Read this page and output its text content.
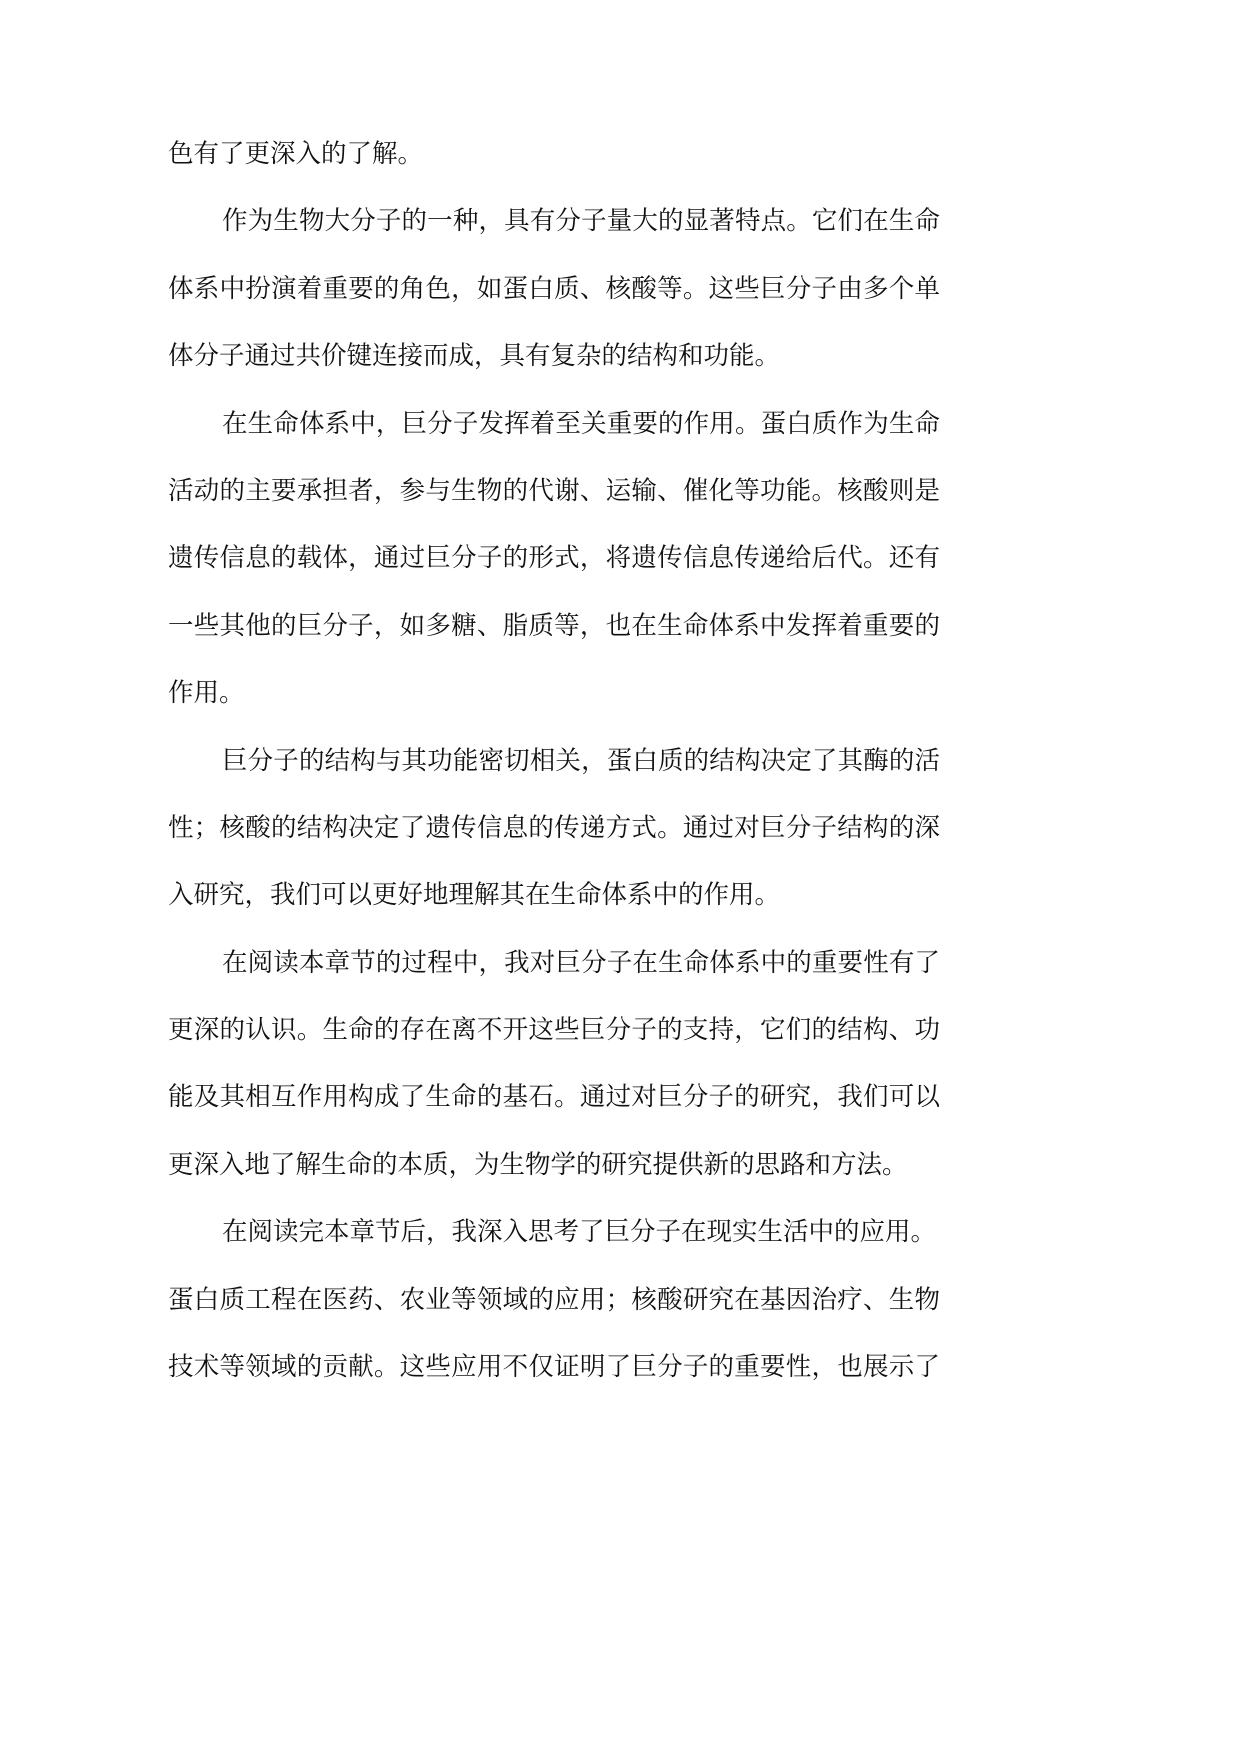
色有了更深入的了解。
作为生物大分子的一种，具有分子量大的显著特点。它们在生命
体系中扮演着重要的角色，如蛋白质、核酸等。这些巨分子由多个单
体分子通过共价键连接而成，具有复杂的结构和功能。
在生命体系中，巨分子发挥着至关重要的作用。蛋白质作为生命
活动的主要承担者，参与生物的代谢、运输、催化等功能。核酸则是
遗传信息的载体，通过巨分子的形式，将遗传信息传递给后代。还有
一些其他的巨分子，如多糖、脂质等，也在生命体系中发挥着重要的
作用。
巨分子的结构与其功能密切相关，蛋白质的结构决定了其酶的活
性；核酸的结构决定了遗传信息的传递方式。通过对巨分子结构的深
入研究，我们可以更好地理解其在生命体系中的作用。
在阅读本章节的过程中，我对巨分子在生命体系中的重要性有了
更深的认识。生命的存在离不开这些巨分子的支持，它们的结构、功
能及其相互作用构成了生命的基石。通过对巨分子的研究，我们可以
更深入地了解生命的本质，为生物学的研究提供新的思路和方法。
在阅读完本章节后，我深入思考了巨分子在现实生活中的应用。
蛋白质工程在医药、农业等领域的应用；核酸研究在基因治疗、生物
技术等领域的贡献。这些应用不仅证明了巨分子的重要性，也展示了
